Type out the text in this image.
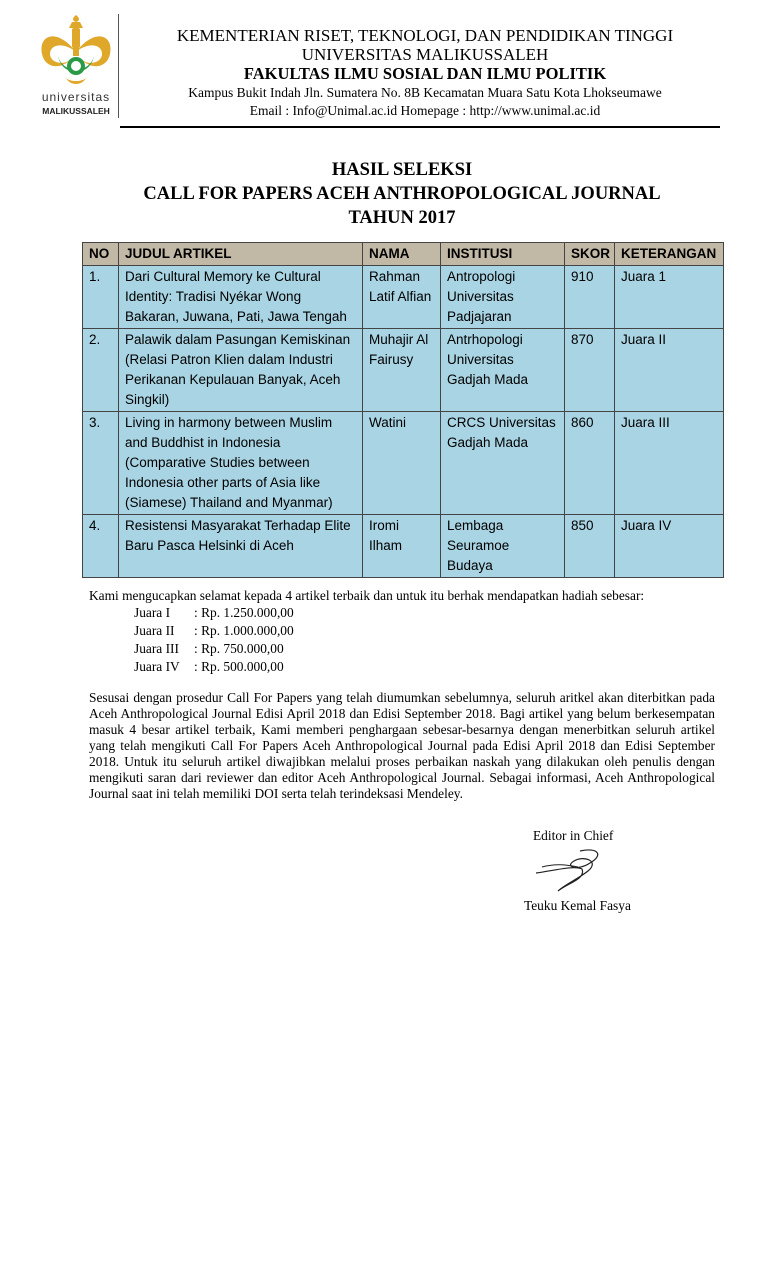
universitas
MALIKUSSALEH
KEMENTERIAN RISET, TEKNOLOGI, DAN PENDIDIKAN TINGGI
UNIVERSITAS MALIKUSSALEH
FAKULTAS ILMU SOSIAL DAN ILMU POLITIK
Kampus Bukit Indah Jln. Sumatera No. 8B Kecamatan Muara Satu Kota Lhokseumawe
Email : Info@Unimal.ac.id Homepage : http://www.unimal.ac.id
HASIL SELEKSI
CALL FOR PAPERS ACEH ANTHROPOLOGICAL JOURNAL
TAHUN 2017
NO	JUDUL ARTIKEL	NAMA	INSTITUSI	SKOR	KETERANGAN
1.	Dari Cultural Memory ke Cultural Identity: Tradisi Nyékar Wong Bakaran, Juwana, Pati, Jawa Tengah	Rahman Latif Alfian	Antropologi Universitas Padjajaran	910	Juara 1
2.	Palawik dalam Pasungan Kemiskinan (Relasi Patron Klien dalam Industri Perikanan Kepulauan Banyak, Aceh Singkil)	Muhajir Al Fairusy	Antrhopologi Universitas Gadjah Mada	870	Juara II
3.	Living in harmony between Muslim and Buddhist in Indonesia (Comparative Studies between Indonesia other parts of Asia like (Siamese) Thailand and Myanmar)	Watini	CRCS Universitas Gadjah Mada	860	Juara III
4.	Resistensi Masyarakat Terhadap Elite Baru Pasca Helsinki di Aceh	Iromi Ilham	Lembaga Seuramoe Budaya	850	Juara IV
Kami mengucapkan selamat kepada 4 artikel terbaik dan untuk itu berhak mendapatkan hadiah sebesar:
Juara I	: Rp. 1.250.000,00
Juara II	: Rp. 1.000.000,00
Juara III	: Rp. 750.000,00
Juara IV	: Rp. 500.000,00
Sesusai dengan prosedur Call For Papers yang telah diumumkan sebelumnya, seluruh aritkel akan diterbitkan pada Aceh Anthropological Journal Edisi April 2018 dan Edisi September 2018. Bagi artikel yang belum berkesempatan masuk 4 besar artikel terbaik, Kami memberi penghargaan sebesar-besarnya dengan menerbitkan seluruh artikel yang telah mengikuti Call For Papers Aceh Anthropological Journal pada Edisi April 2018 dan Edisi September 2018. Untuk itu seluruh artikel diwajibkan melalui proses perbaikan naskah yang dilakukan oleh penulis dengan mengikuti saran dari reviewer dan editor Aceh Anthropological Journal. Sebagai informasi, Aceh Anthropological Journal saat ini telah memiliki DOI serta telah terindeksasi Mendeley.
Editor in Chief
Teuku Kemal Fasya
